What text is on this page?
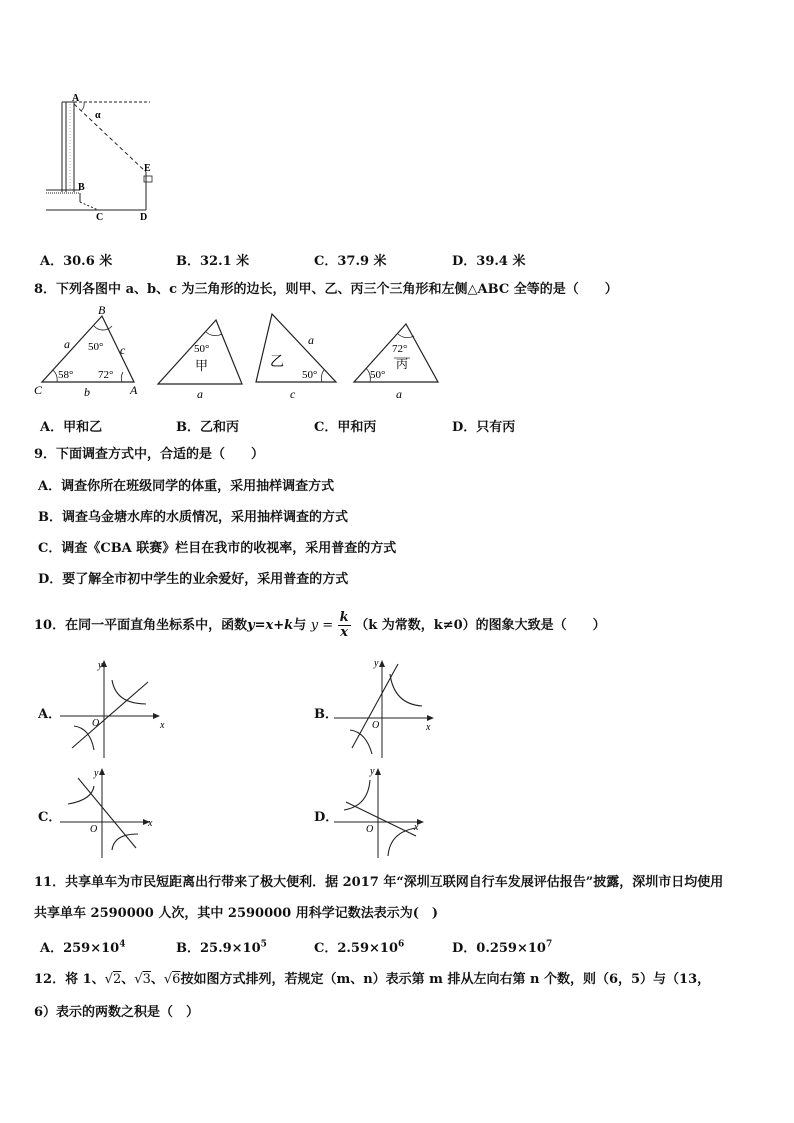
A
α
E
B
C	D
A．30.6 米	B．32.1 米	C．37.9 米	D．39.4 米
8．下列各图中 a、b、c 为三角形的边长，则甲、乙、丙三个三角形和左侧△ABC 全等的是（　　）
B
C	A
a	c
b
50°
58° 72°
50°
甲
a
乙
a
50°
c
72°
丙
50°
a
A．甲和乙	B．乙和丙	C．甲和丙	D．只有丙
9．下面调查方式中，合适的是（　　）
A．调查你所在班级同学的体重，采用抽样调查方式
B．调查乌金塘水库的水质情况，采用抽样调查的方式
C．调查《CBA 联赛》栏目在我市的收视率，采用普查的方式
D．要了解全市初中学生的业余爱好，采用普查的方式
10．在同一平面直角坐标系中，函数y=x+k与 $y = \frac{k}{x} (k$ 为常数，k≠0）的图象大致是（　　）
A．
y
x
O
B．
y
x
O
C．
y
x
O
D．
y
x
O
11．共享单车为市民短距离出行带来了极大便利．据 2017 年“深圳互联网自行车发展评估报告”披露，深圳市日均使用
共享单车 2590000 人次，其中 2590000 用科学记数法表示为(　)
A．$259\times 10^4$	B．$25.9\times 10^5$	C．$2.59\times 10^6$	D．$0.259\times 10^7$
12．将 1、√2、√3、√6按如图方式排列，若规定（m、n）表示第 m 排从左向右第 n 个数，则（6，5）与（13，
6）表示的两数之积是（　）
